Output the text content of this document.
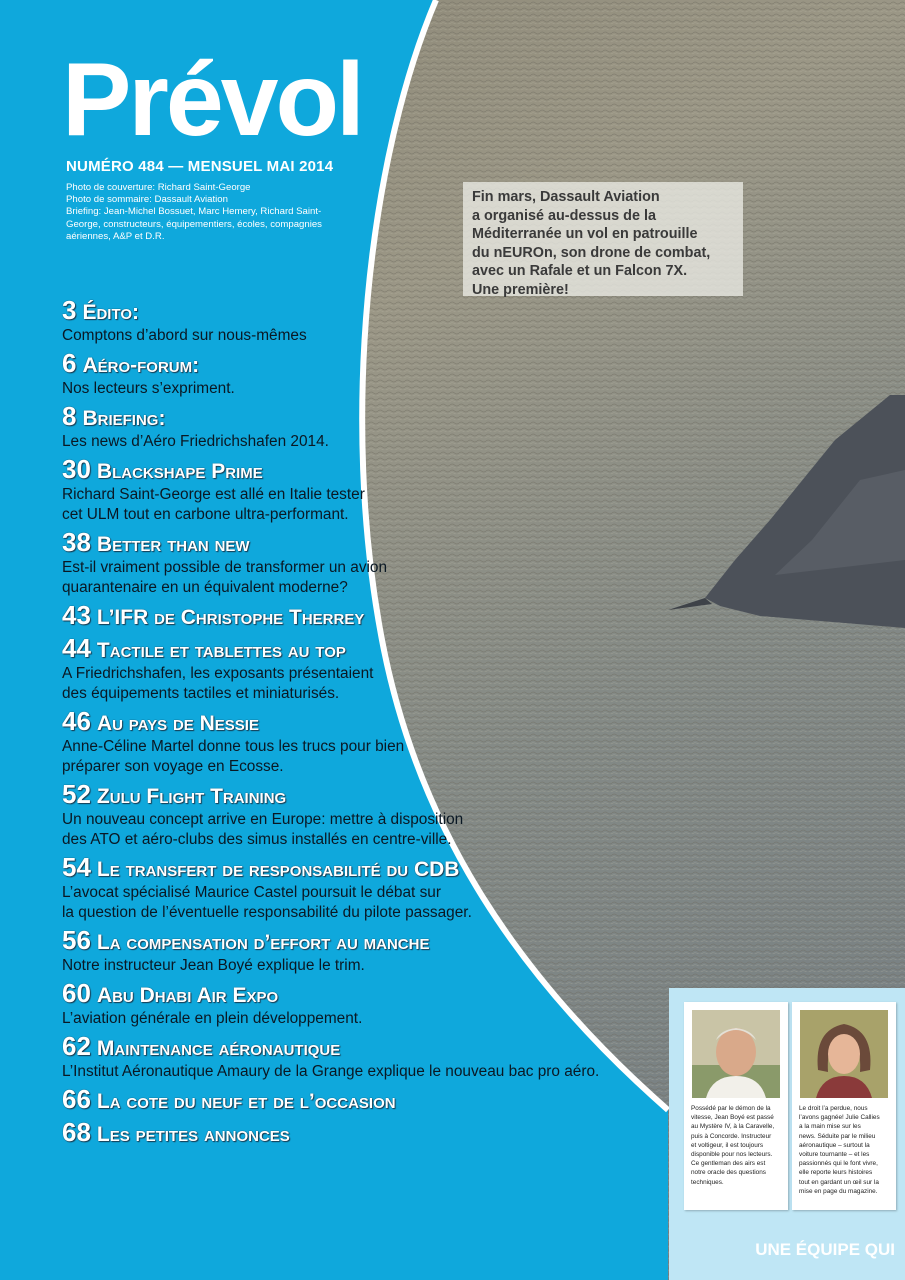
Prévol
NUMÉRO 484 — MENSUEL MAI 2014
Photo de couverture: Richard Saint-George
Photo de sommaire: Dassault Aviation
Briefing: Jean-Michel Bossuet, Marc Hemery, Richard Saint-
George, constructeurs, équipementiers, écoles, compagnies
aériennes, A&P et D.R.
Fin mars, Dassault Aviation
a organisé au-dessus de la
Méditerranée un vol en patrouille
du nEUROn, son drone de combat,
avec un Rafale et un Falcon 7X.
Une première!
3 Édito:
Comptons d’abord sur nous-mêmes
6 Aéro-forum:
Nos lecteurs s’expriment.
8 Briefing:
Les news d’Aéro Friedrichshafen 2014.
30 Blackshape Prime
Richard Saint-George est allé en Italie tester
cet ULM tout en carbone ultra-performant.
38 Better than new
Est-il vraiment possible de transformer un avion
quarantenaire en un équivalent moderne?
43 L’IFR de Christophe Therrey
44 Tactile et tablettes au top
A Friedrichshafen, les exposants présentaient
des équipements tactiles et miniaturisés.
46 Au pays de Nessie
Anne-Céline Martel donne tous les trucs pour bien
préparer son voyage en Ecosse.
52 Zulu Flight Training
Un nouveau concept arrive en Europe: mettre à disposition
des ATO et aéro-clubs des simus installés en centre-ville.
54 Le transfert de responsabilité du CDB
L’avocat spécialisé Maurice Castel poursuit le débat sur
la question de l’éventuelle responsabilité du pilote passager.
56 La compensation d’effort au manche
Notre instructeur Jean Boyé explique le trim.
60 Abu Dhabi Air Expo
L’aviation générale en plein développement.
62 Maintenance aéronautique
L’Institut Aéronautique Amaury de la Grange explique le nouveau bac pro aéro.
66 La cote du neuf et de l’occasion
68 Les petites annonces
Possédé par le démon de la
vitesse, Jean Boyé est passé
au Mystère IV, à la Caravelle,
puis à Concorde. Instructeur
et voltigeur, il est toujours
disponible pour nos lecteurs.
Ce gentleman des airs est
notre oracle des questions
techniques.
Le droit l’a perdue, nous
l’avons gagnée! Julie Callies
a la main mise sur les
news. Séduite par le milieu
aéronautique – surtout la
voiture tournante – et les
passionnés qui le font vivre,
elle reporte leurs histoires
tout en gardant un œil sur la
mise en page du magazine.
UNE ÉQUIPE QUI
